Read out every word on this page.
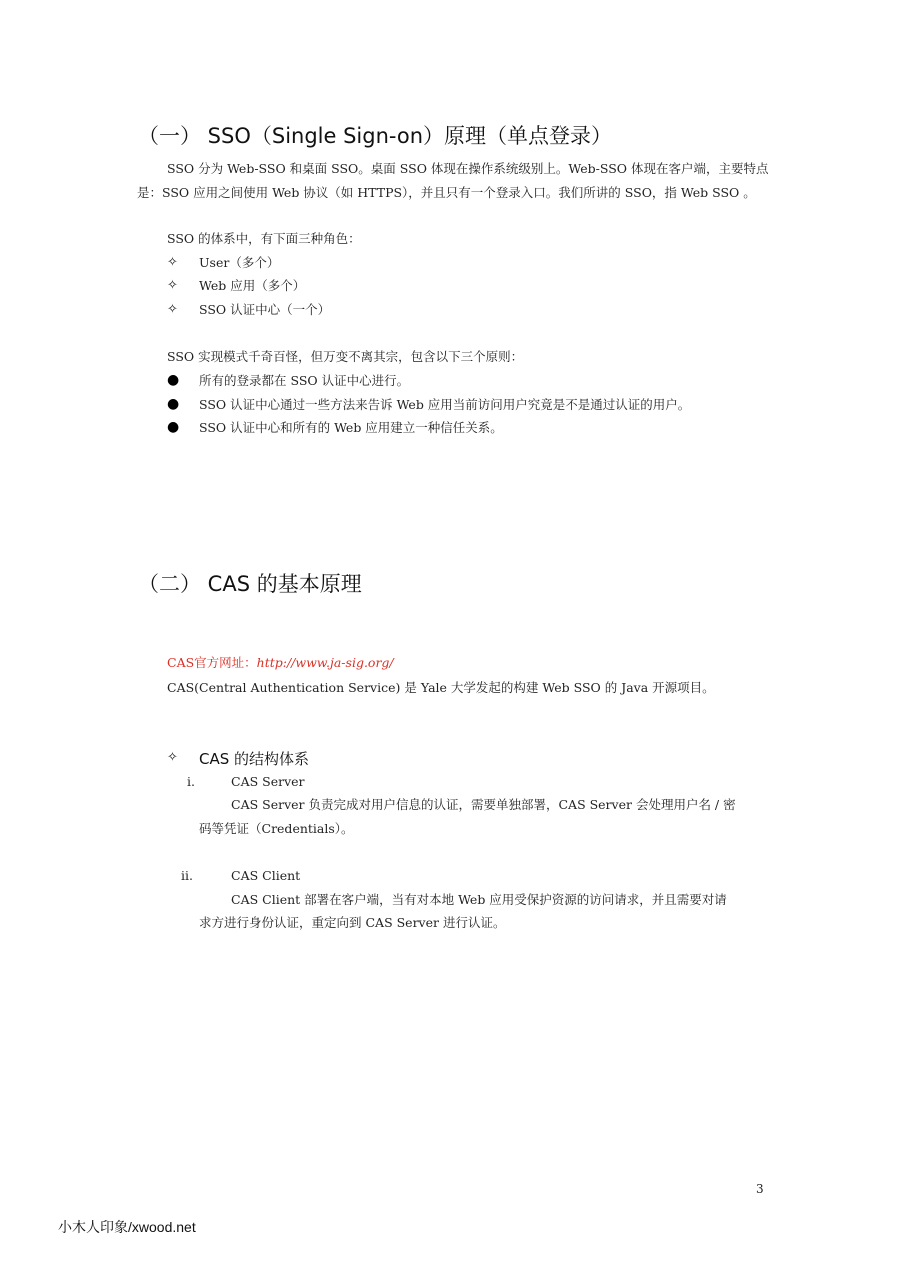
（一） SSO（Single Sign-on）原理（单点登录）
SSO 分为 Web-SSO 和桌面 SSO。桌面 SSO 体现在操作系统级别上。Web-SSO 体现在客户端，主要特点
是：SSO 应用之间使用 Web 协议（如 HTTPS），并且只有一个登录入口。我们所讲的 SSO，指 Web SSO 。
SSO 的体系中，有下面三种角色：
✧ User（多个）
✧ Web 应用（多个）
✧ SSO 认证中心（一个）
SSO 实现模式千奇百怪，但万变不离其宗，包含以下三个原则：
● 所有的登录都在 SSO 认证中心进行。
● SSO 认证中心通过一些方法来告诉 Web 应用当前访问用户究竟是不是通过认证的用户。
● SSO 认证中心和所有的 Web 应用建立一种信任关系。
（二） CAS 的基本原理
CAS官方网址：http://www.ja-sig.org/
CAS(Central Authentication Service) 是 Yale 大学发起的构建 Web SSO 的 Java 开源项目。
✧ CAS 的结构体系
i.	CAS Server
CAS Server 负责完成对用户信息的认证，需要单独部署，CAS Server 会处理用户名 / 密
码等凭证（Credentials）。
ii.	CAS Client
CAS Client 部署在客户端，当有对本地 Web 应用受保护资源的访问请求，并且需要对请
求方进行身份认证，重定向到 CAS Server 进行认证。
3
小木人印象/xwood.net
